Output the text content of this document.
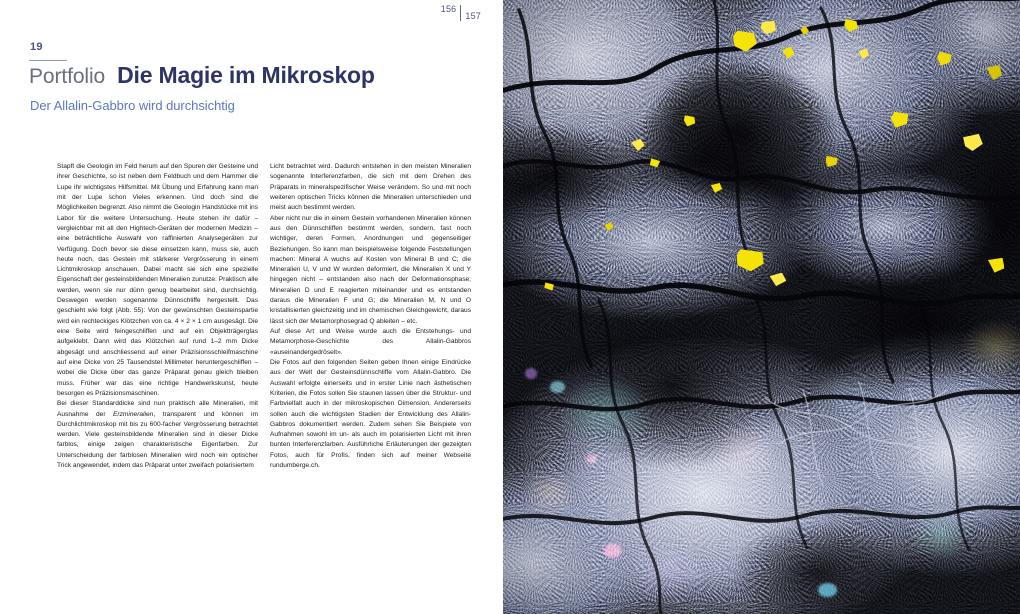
156
157
19
Portfolio Die Magie im Mikroskop
Der Allalin-Gabbro wird durchsichtig

Stapft die Geologin im Feld herum auf den Spuren der Gesteine und ihrer Geschichte, so ist neben dem Feldbuch und dem Hammer die Lupe ihr wichtigstes Hilfsmittel. Mit Übung und Erfahrung kann man mit der Lupe schon Vieles erkennen. Und doch sind die Möglichkeiten begrenzt. Also nimmt die Geologin Handstücke mit ins Labor für die weitere Untersuchung. Heute stehen ihr dafür – vergleichbar mit all den Hightech-Geräten der modernen Medizin – eine beträchtliche Auswahl von raffinierten Analysegeräten zur Verfügung. Doch bevor sie diese einsetzen kann, muss sie, auch heute noch, das Gestein mit stärkerer Vergrösserung in einem Lichtmikroskop anschauen. Dabei macht sie sich eine spezielle Eigenschaft der gesteinsbildenden Mineralien zunutze: Praktisch alle werden, wenn sie nur dünn genug bearbeitet sind, durchsichtig. Deswegen werden sogenannte Dünnschliffe hergestellt. Das geschieht wie folgt (Abb. 55): Von der gewünschten Gesteinspartie wird ein rechteckiges Klötzchen von ca. 4 × 2 × 1 cm ausgesägt. Die eine Seite wird feingeschliffen und auf ein Objektträgerglas aufgeklebt. Dann wird das Klötzchen auf rund 1–2 mm Dicke abgesägt und anschliessend auf einer Präzisionsschleifmaschine auf eine Dicke von 25 Tausendstel Millimeter heruntergeschliffen – wobei die Dicke über das ganze Präparat genau gleich bleiben muss. Früher war das eine richtige Handwerkskunst, heute besorgen es Präzisionsmaschinen.

Bei dieser Standarddicke sind nun praktisch alle Mineralien, mit Ausnahme der Erzmineralien, transparent und können im Durchlichtmikroskop mit bis zu 600-facher Vergrösserung betrachtet werden. Viele gesteinsbildende Mineralien sind in dieser Dicke farblos, einige zeigen charakteristische Eigenfarben. Zur Unterscheidung der farblosen Mineralien wird noch ein optischer Trick angewendet, indem das Präparat unter zweifach polarisiertem

Licht betrachtet wird. Dadurch entstehen in den meisten Mineralien sogenannte Interferenzfarben, die sich mit dem Drehen des Präparats in mineralspezifischer Weise verändern. So und mit noch weiteren optischen Tricks können die Mineralien unterschieden und meist auch bestimmt werden.

Aber nicht nur die in einem Gestein vorhandenen Mineralien können aus den Dünnschliffen bestimmt werden, sondern, fast noch wichtiger, deren Formen, Anordnungen und gegenseitiger Beziehungen. So kann man beispielsweise folgende Feststellungen machen: Mineral A wuchs auf Kosten von Mineral B und C; die Mineralien U, V und W wurden deformiert, die Mineralien X und Y hingegen nicht – entstanden also nach der Deformationsphase; Mineralien D und E reagierten miteinander und es entstanden daraus die Mineralien F und G; die Mineralien M, N und O kristallisierten gleichzeitig und im chemischen Gleichgewicht, daraus lässt sich der Metamorphosegrad Q ableiten – etc.

Auf diese Art und Weise wurde auch die Entstehungs- und Metamorphose-Geschichte des Allalin-Gabbros «auseinandergedröselt».

Die Fotos auf den folgenden Seiten geben Ihnen einige Eindrücke aus der Welt der Gesteinsdünnschliffe vom Allalin-Gabbro. Die Auswahl erfolgte einerseits und in erster Linie nach ästhetischen Kriterien, die Fotos sollen Sie staunen lassen über die Struktur- und Farbvielfalt auch in der mikroskopischen Dimension. Andererseits sollen auch die wichtigsten Stadien der Entwicklung des Allalin-Gabbros dokumentiert werden. Zudem sehen Sie Beispiele von Aufnahmen sowohl im un- als auch im polarisierten Licht mit ihren bunten Interferenzfarben. Ausführliche Erläuterungen der gezeigten Fotos, auch für Profis, finden sich auf meiner Webseite rundumberge.ch.
